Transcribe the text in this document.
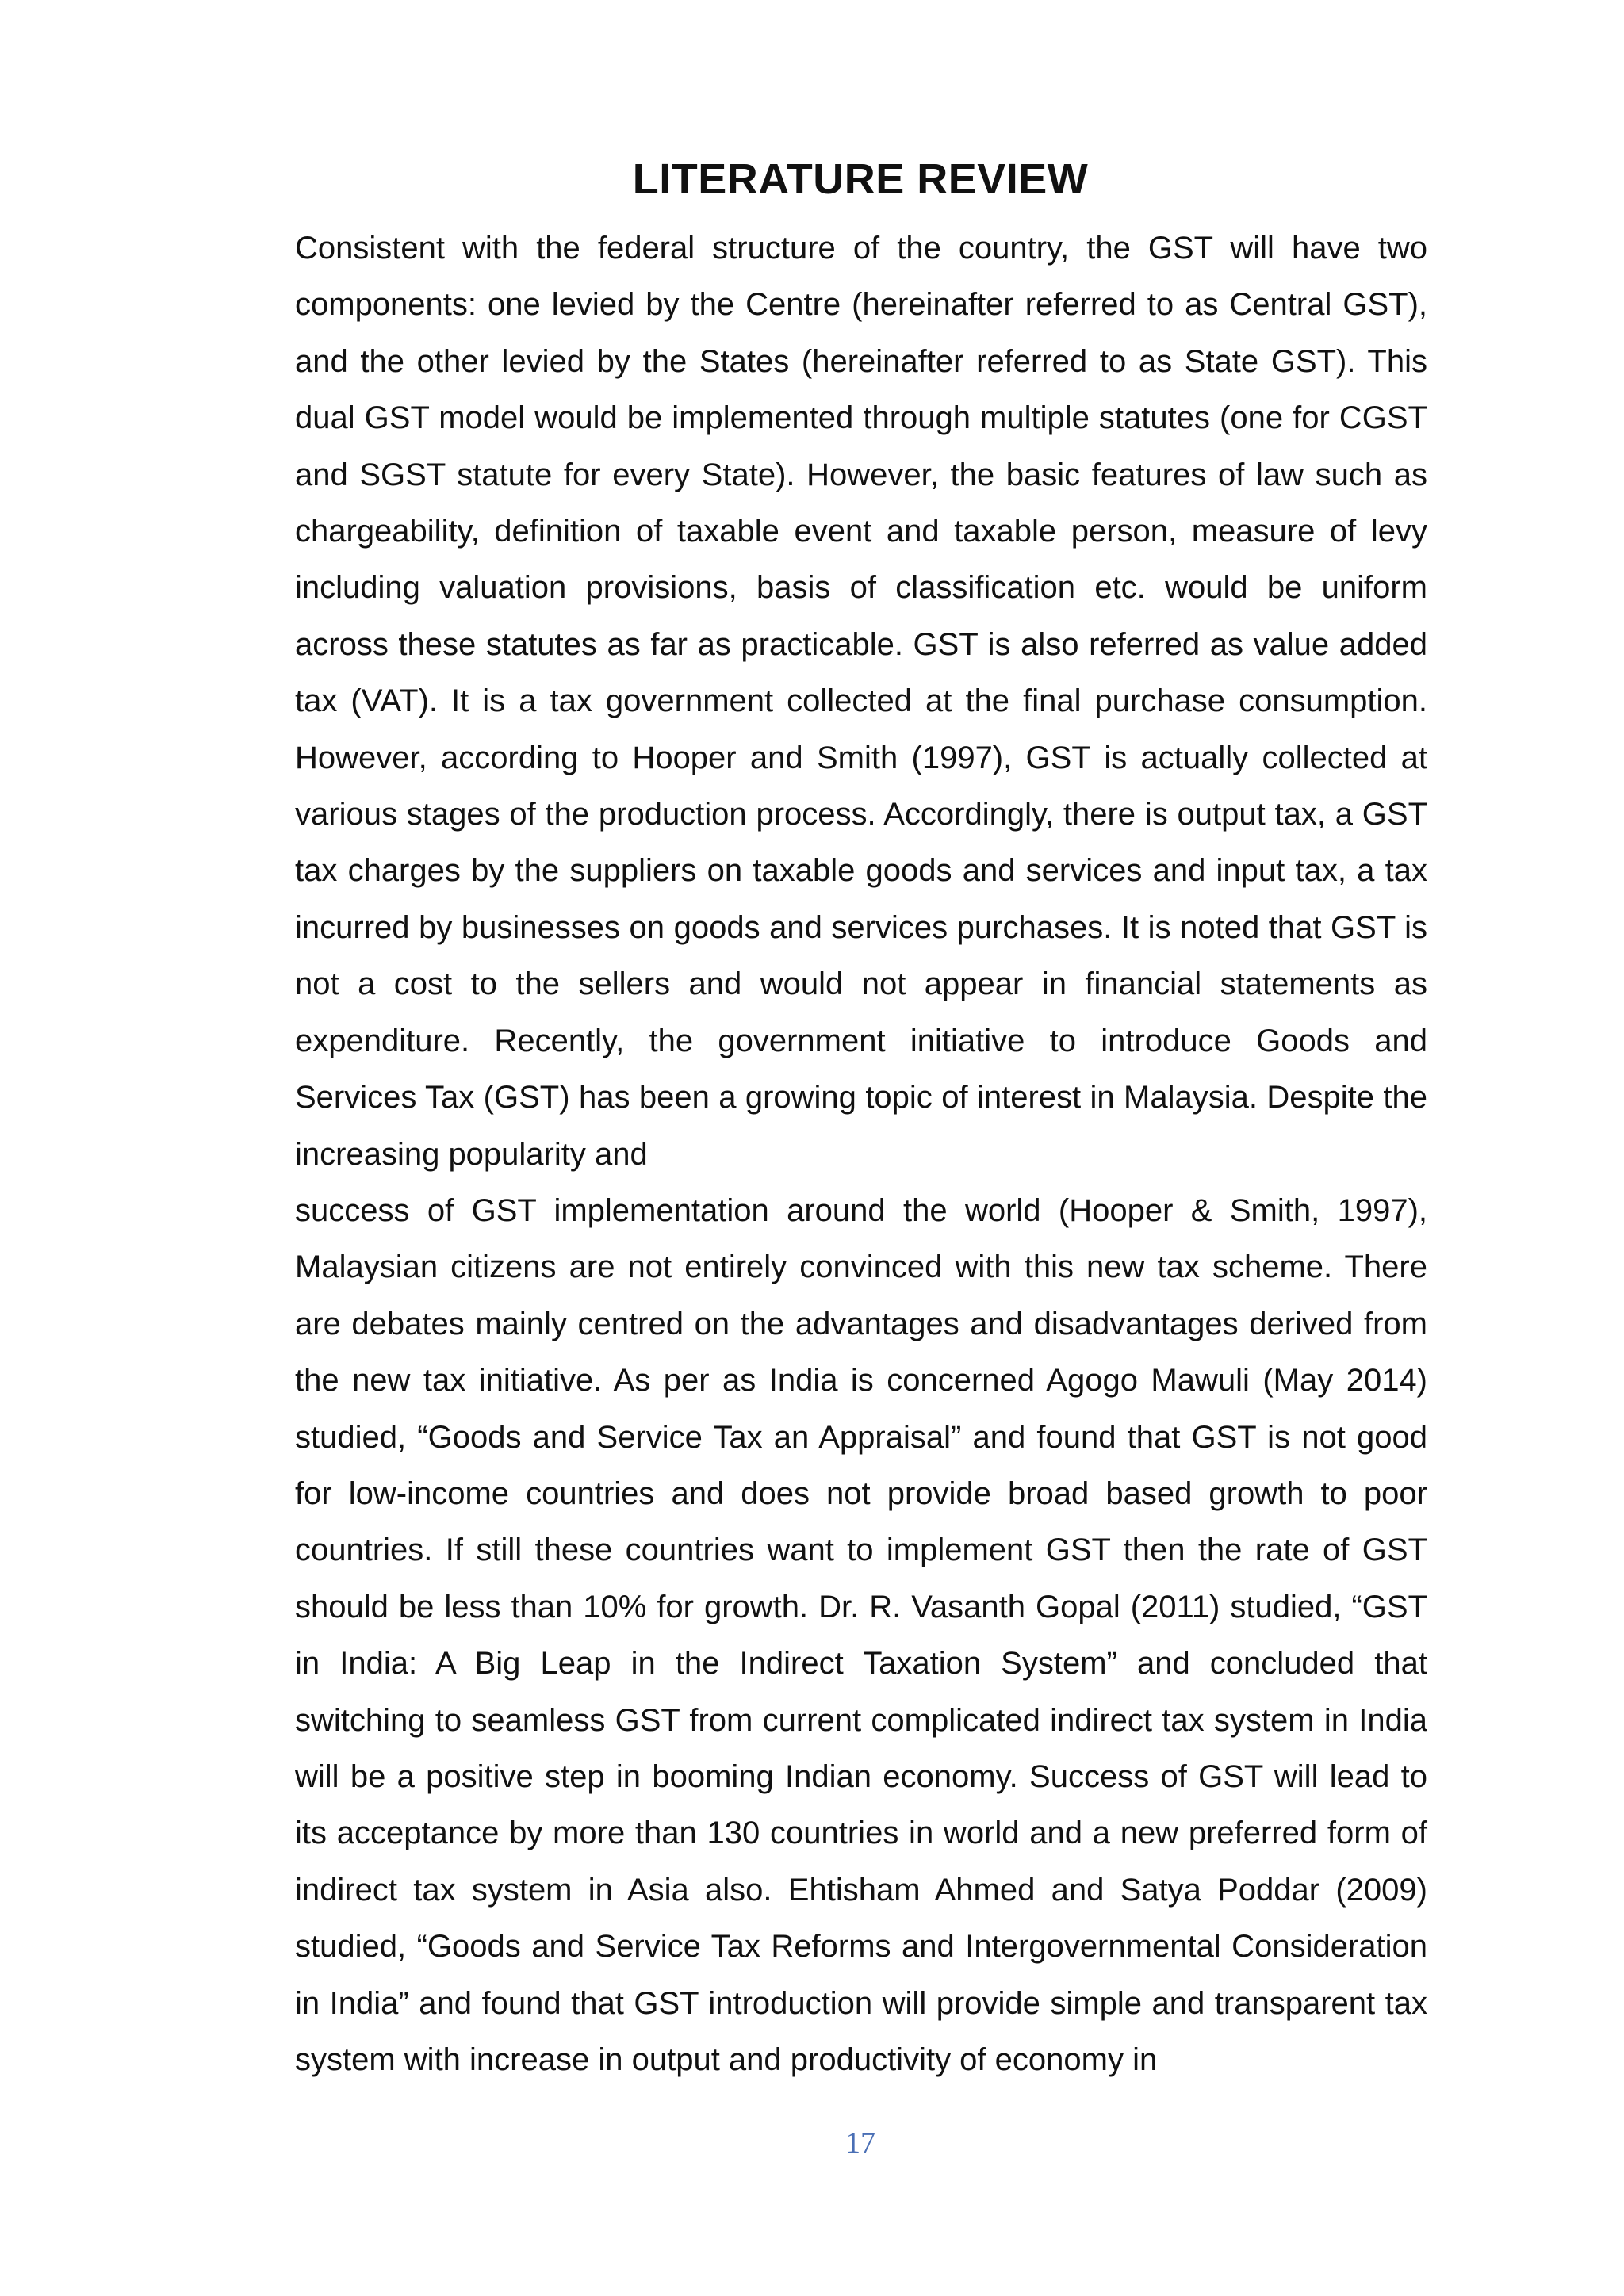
LITERATURE REVIEW

Consistent with the federal structure of the country, the GST will have two components: one levied by the Centre (hereinafter referred to as Central GST), and the other levied by the States (hereinafter referred to as State GST). This dual GST model would be implemented through multiple statutes (one for CGST and SGST statute for every State). However, the basic features of law such as chargeability, definition of taxable event and taxable person, measure of levy including valuation provisions, basis of classification etc. would be uniform across these statutes as far as practicable. GST is also referred as value added tax (VAT). It is a tax government collected at the final purchase consumption. However, according to Hooper and Smith (1997), GST is actually collected at various stages of the production process. Accordingly, there is output tax, a GST tax charges by the suppliers on taxable goods and services and input tax, a tax incurred by businesses on goods and services purchases. It is noted that GST is not a cost to the sellers and would not appear in financial statements as expenditure. Recently, the government initiative to introduce Goods and Services Tax (GST) has been a growing topic of interest in Malaysia. Despite the increasing popularity and

success of GST implementation around the world (Hooper & Smith, 1997), Malaysian citizens are not entirely convinced with this new tax scheme. There are debates mainly centred on the advantages and disadvantages derived from the new tax initiative. As per as India is concerned Agogo Mawuli (May 2014) studied, “Goods and Service Tax an Appraisal” and found that GST is not good for low-income countries and does not provide broad based growth to poor countries. If still these countries want to implement GST then the rate of GST should be less than 10% for growth. Dr. R. Vasanth Gopal (2011) studied, “GST in India: A Big Leap in the Indirect Taxation System” and concluded that switching to seamless GST from current complicated indirect tax system in India will be a positive step in booming Indian economy. Success of GST will lead to its acceptance by more than 130 countries in world and a new preferred form of indirect tax system in Asia also. Ehtisham Ahmed and Satya Poddar (2009) studied, “Goods and Service Tax Reforms and Intergovernmental Consideration in India” and found that GST introduction will provide simple and transparent tax system with increase in output and productivity of economy in

17
